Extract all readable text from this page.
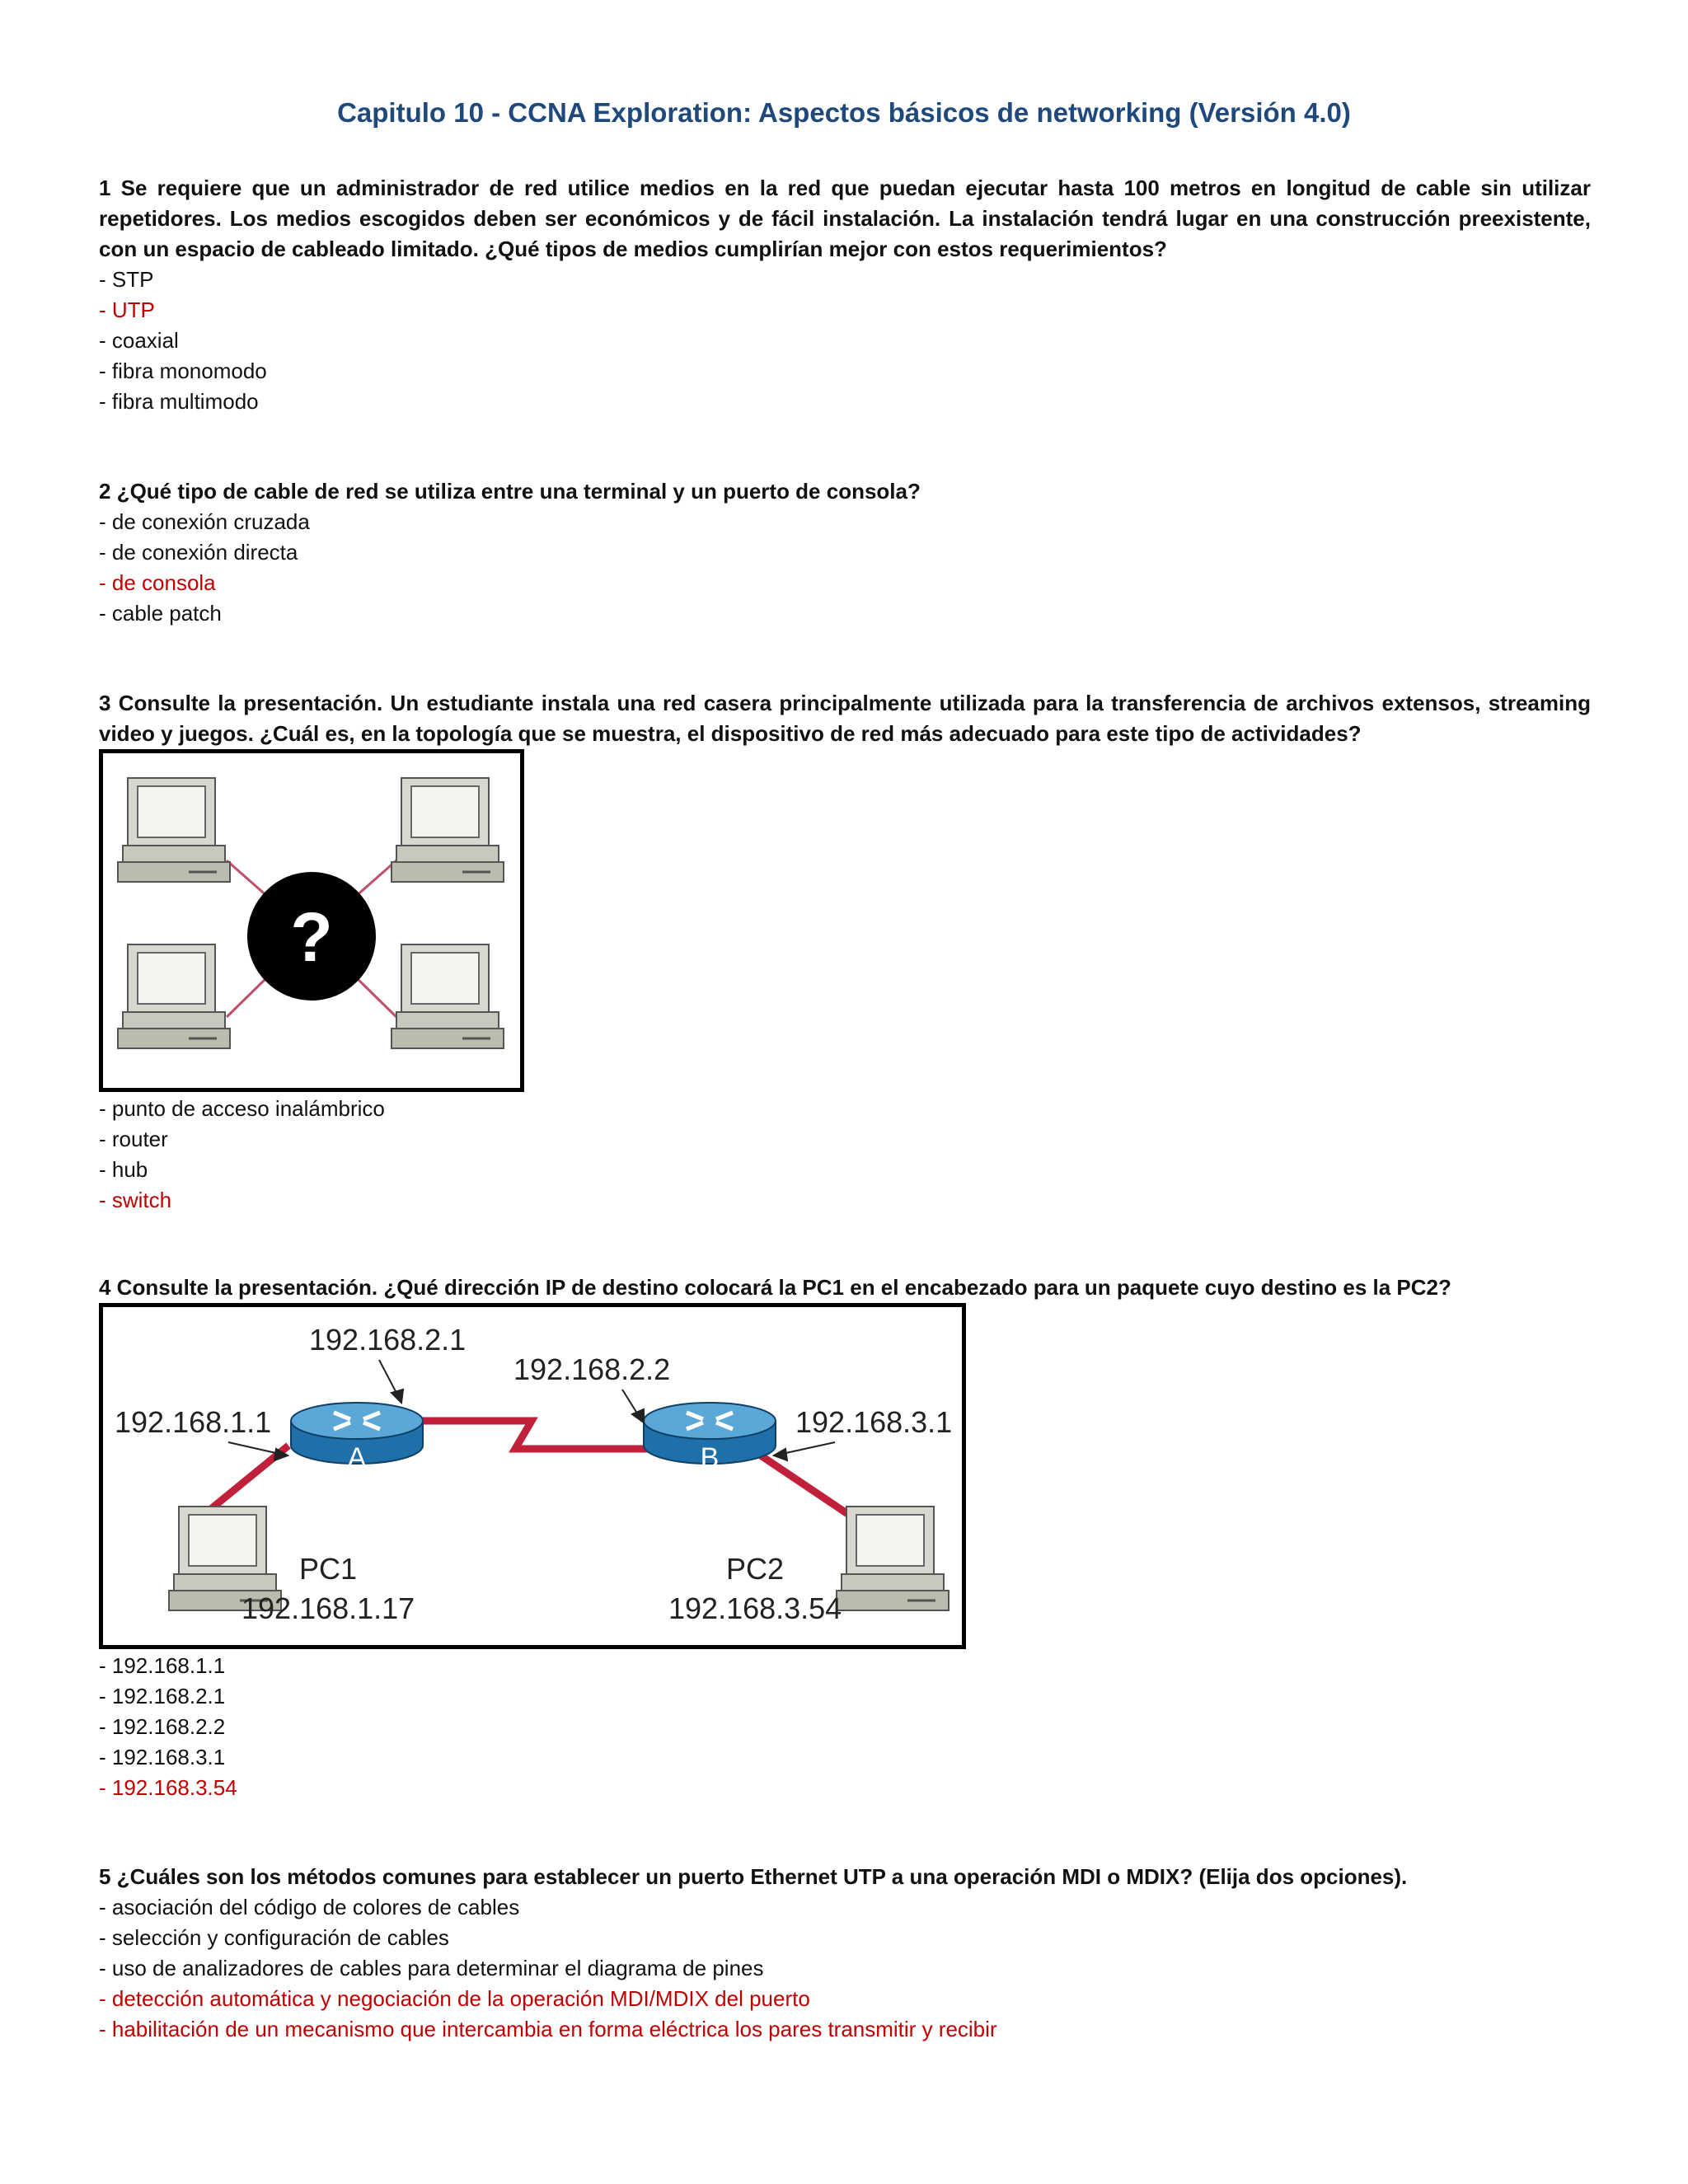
Capitulo 10 - CCNA Exploration: Aspectos básicos de networking (Versión 4.0)

1 Se requiere que un administrador de red utilice medios en la red que puedan ejecutar hasta 100 metros en longitud de cable sin utilizar repetidores. Los medios escogidos deben ser económicos y de fácil instalación. La instalación tendrá lugar en una construcción preexistente, con un espacio de cableado limitado. ¿Qué tipos de medios cumplirían mejor con estos requerimientos?

- STP

- UTP

- coaxial

- fibra monomodo

- fibra multimodo

2 ¿Qué tipo de cable de red se utiliza entre una terminal y un puerto de consola?

- de conexión cruzada

- de conexión directa

- de consola

- cable patch

3 Consulte la presentación. Un estudiante instala una red casera principalmente utilizada para la transferencia de archivos extensos, streaming video y juegos. ¿Cuál es, en la topología que se muestra, el dispositivo de red más adecuado para este tipo de actividades?

?

- punto de acceso inalámbrico

- router

- hub

- switch

4 Consulte la presentación. ¿Qué dirección IP de destino colocará la PC1 en el encabezado para un paquete cuyo destino es la PC2?

A	B
192.168.2.1
192.168.2.2
192.168.1.1	192.168.3.1
PC1
192.168.1.17
PC2
192.168.3.54

- 192.168.1.1

- 192.168.2.1

- 192.168.2.2

- 192.168.3.1

- 192.168.3.54

5 ¿Cuáles son los métodos comunes para establecer un puerto Ethernet UTP a una operación MDI o MDIX? (Elija dos opciones).

- asociación del código de colores de cables

- selección y configuración de cables

- uso de analizadores de cables para determinar el diagrama de pines

- detección automática y negociación de la operación MDI/MDIX del puerto

- habilitación de un mecanismo que intercambia en forma eléctrica los pares transmitir y recibir
